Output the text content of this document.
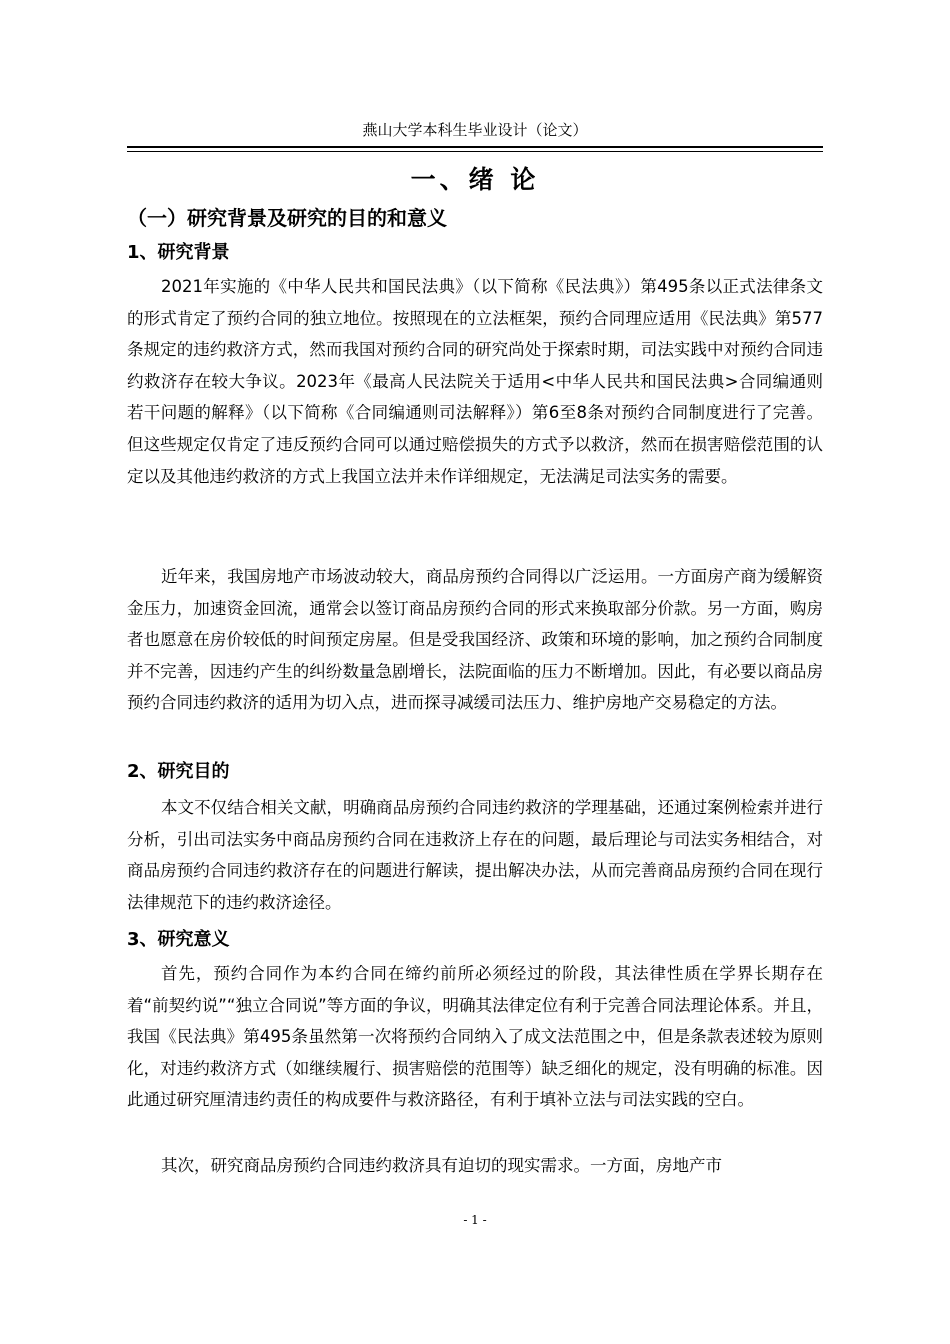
燕山大学本科生毕业设计（论文）
一、绪 论
（一）研究背景及研究的目的和意义
1、研究背景

2021年实施的《中华人民共和国民法典》（以下简称《民法典》）第495条以正式法律条文的形式肯定了预约合同的独立地位。按照现在的立法框架，预约合同理应适用《民法典》第577条规定的违约救济方式，然而我国对预约合同的研究尚处于探索时期，司法实践中对预约合同违约救济存在较大争议。2023年《最高人民法院关于适用<中华人民共和国民法典>合同编通则若干问题的解释》（以下简称《合同编通则司法解释》）第6至8条对预约合同制度进行了完善。但这些规定仅肯定了违反预约合同可以通过赔偿损失的方式予以救济，然而在损害赔偿范围的认定以及其他违约救济的方式上我国立法并未作详细规定，无法满足司法实务的需要。

近年来，我国房地产市场波动较大，商品房预约合同得以广泛运用。一方面房产商为缓解资金压力，加速资金回流，通常会以签订商品房预约合同的形式来换取部分价款。另一方面，购房者也愿意在房价较低的时间预定房屋。但是受我国经济、政策和环境的影响，加之预约合同制度并不完善，因违约产生的纠纷数量急剧增长，法院面临的压力不断增加。因此，有必要以商品房预约合同违约救济的适用为切入点，进而探寻减缓司法压力、维护房地产交易稳定的方法。

2、研究目的

本文不仅结合相关文献，明确商品房预约合同违约救济的学理基础，还通过案例检索并进行分析，引出司法实务中商品房预约合同在违救济上存在的问题，最后理论与司法实务相结合，对商品房预约合同违约救济存在的问题进行解读，提出解决办法，从而完善商品房预约合同在现行法律规范下的违约救济途径。

3、研究意义

首先，预约合同作为本约合同在缔约前所必须经过的阶段，其法律性质在学界长期存在着“前契约说”“独立合同说”等方面的争议，明确其法律定位有利于完善合同法理论体系。并且，我国《民法典》第495条虽然第一次将预约合同纳入了成文法范围之中，但是条款表述较为原则化，对违约救济方式（如继续履行、损害赔偿的范围等）缺乏细化的规定，没有明确的标准。因此通过研究厘清违约责任的构成要件与救济路径，有利于填补立法与司法实践的空白。

其次，研究商品房预约合同违约救济具有迫切的现实需求。一方面，房地产市

- 1 -
